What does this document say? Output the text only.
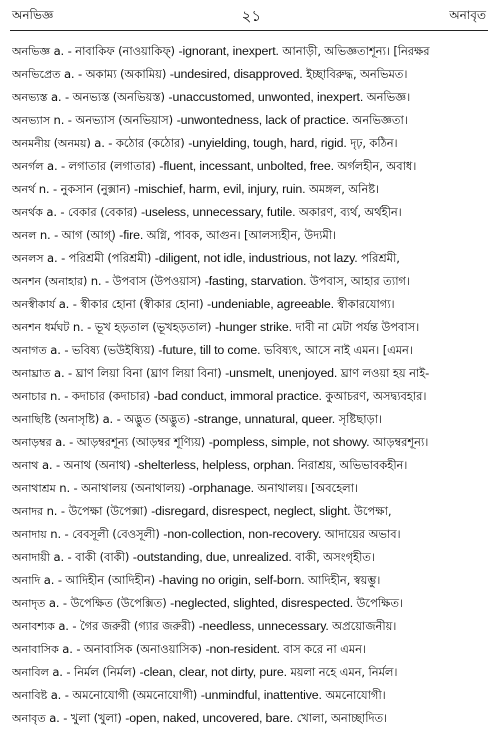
অনভিজ্ঞ	২১	অনাবৃত
অনভিজ্ঞ a. - নাবাকিফ (নাওয়াকিফ্) -ignorant, inexpert. আনাড়ী, অভিজ্ঞতাশূন্য। [নিরক্ষর
অনভিপ্রেত a. - অকাম্য (অকামিয়) -undesired, disapproved. ইচ্ছাবিরুদ্ধ, অনভিমত।
অনভ্যস্ত a. - অনভ্যস্ত (অনভিয়স্ত) -unaccustomed, unwonted, inexpert. অনভিজ্ঞ।
অনভ্যাস n. - অনভ্যাস (অনভিয়াস) -unwontedness, lack of practice. অনভিজ্ঞতা।
অনমনীয় (অনময়) a. - কঠোর (কঠোর) -unyielding, tough, hard, rigid. দৃঢ়, কঠিন।
অনর্গল a. - লগাতার (লগাতার) -fluent, incessant, unbolted, free. অর্গলহীন, অবাধ।
অনর্থ n. - নুকসান (নুক্সান) -mischief, harm, evil, injury, ruin. অমঙ্গল, অনিষ্ট।
অনর্থক a. - বেকার (বেকার) -useless, unnecessary, futile. অকারণ, ব্যর্থ, অর্থহীন।
অনল n. - আগ (আগ্) -fire. অগ্নি, পাবক, আগুন। [আলস্যহীন, উদ্যমী।
অনলস a. - পরিশ্রমী (পরিশ্রমী) -diligent, not idle, industrious, not lazy. পরিশ্রমী,
অনশন (অনাহার) n. - উপবাস (উপওয়াস) -fasting, starvation. উপবাস, আহার ত্যাগ।
অনস্বীকার্য a. - স্বীকার হোনা (স্বীকার হোনা) -undeniable, agreeable. স্বীকারযোগ্য।
অনশন ধর্মঘট n. - ভূখ হড়তাল (ভূখহড়তাল) -hunger strike. দাবী না মেটা পর্যন্ত উপবাস।
অনাগত a. - ভবিষ্য (ভউইষ্যিয়) -future, till to come. ভবিষ্যৎ, আসে নাই এমন। [এমন।
অনাঘ্রাত a. - ঘ্রাণ লিয়া বিনা (ঘ্রাণ লিয়া বিনা) -unsmelt, unenjoyed. ঘ্রাণ লওয়া হয় নাই-
অনাচার n. - কদাচার (কদাচার) -bad conduct, immoral practice. কুআচরণ, অসদ্ব্যবহার।
অনাছিষ্টি (অনাসৃষ্টি) a. - অদ্ভুত (অদ্ভুত) -strange, unnatural, queer. সৃষ্টিছাড়া।
অনাড়ম্বর a. - আড়ম্বরশূন্য (আড়ম্বর শূণ্যিয়) -pompless, simple, not showy. আড়ম্বরশূন্য।
অনাথ a. - অনাথ (অনাথ) -shelterless, helpless, orphan. নিরাশ্রয়, অভিভাবকহীন।
অনাথাশ্রম n. - অনাথালয় (অনাথালয়) -orphanage. অনাথালয়। [অবহেলা।
অনাদর n. - উপেক্ষা (উপেক্সা) -disregard, disrespect, neglect, slight. উপেক্ষা,
অনাদায় n. - বেবসূলী (বেওসূলী) -non-collection, non-recovery. আদায়ের অভাব।
অনাদায়ী a. - বাকী (বাকী) -outstanding, due, unrealized. বাকী, অসংগৃহীত।
অনাদি a. - আদিহীন (আদিহীন) -having no origin, self-born. আদিহীন, স্বয়ম্ভু।
অনাদৃত a. - উপেক্ষিত (উপেক্সিত) -neglected, slighted, disrespected. উপেক্ষিত।
অনাবশ্যক a. - গৈর জরুরী (গ্যার জরুরী) -needless, unnecessary. অপ্রয়োজনীয়।
অনাবাসিক a. - অনাবাসিক (অনাওয়াসিক) -non-resident. বাস করে না এমন।
অনাবিল a. - নির্মল (নির্মল) -clean, clear, not dirty, pure. ময়লা নহে এমন, নির্মল।
অনাবিষ্ট a. - অমনোযোগী (অমনোযোগী) -unmindful, inattentive. অমনোযোগী।
অনাবৃত a. - খুলা (খুলা) -open, naked, uncovered, bare. খোলা, অনাচ্ছাদিত।
